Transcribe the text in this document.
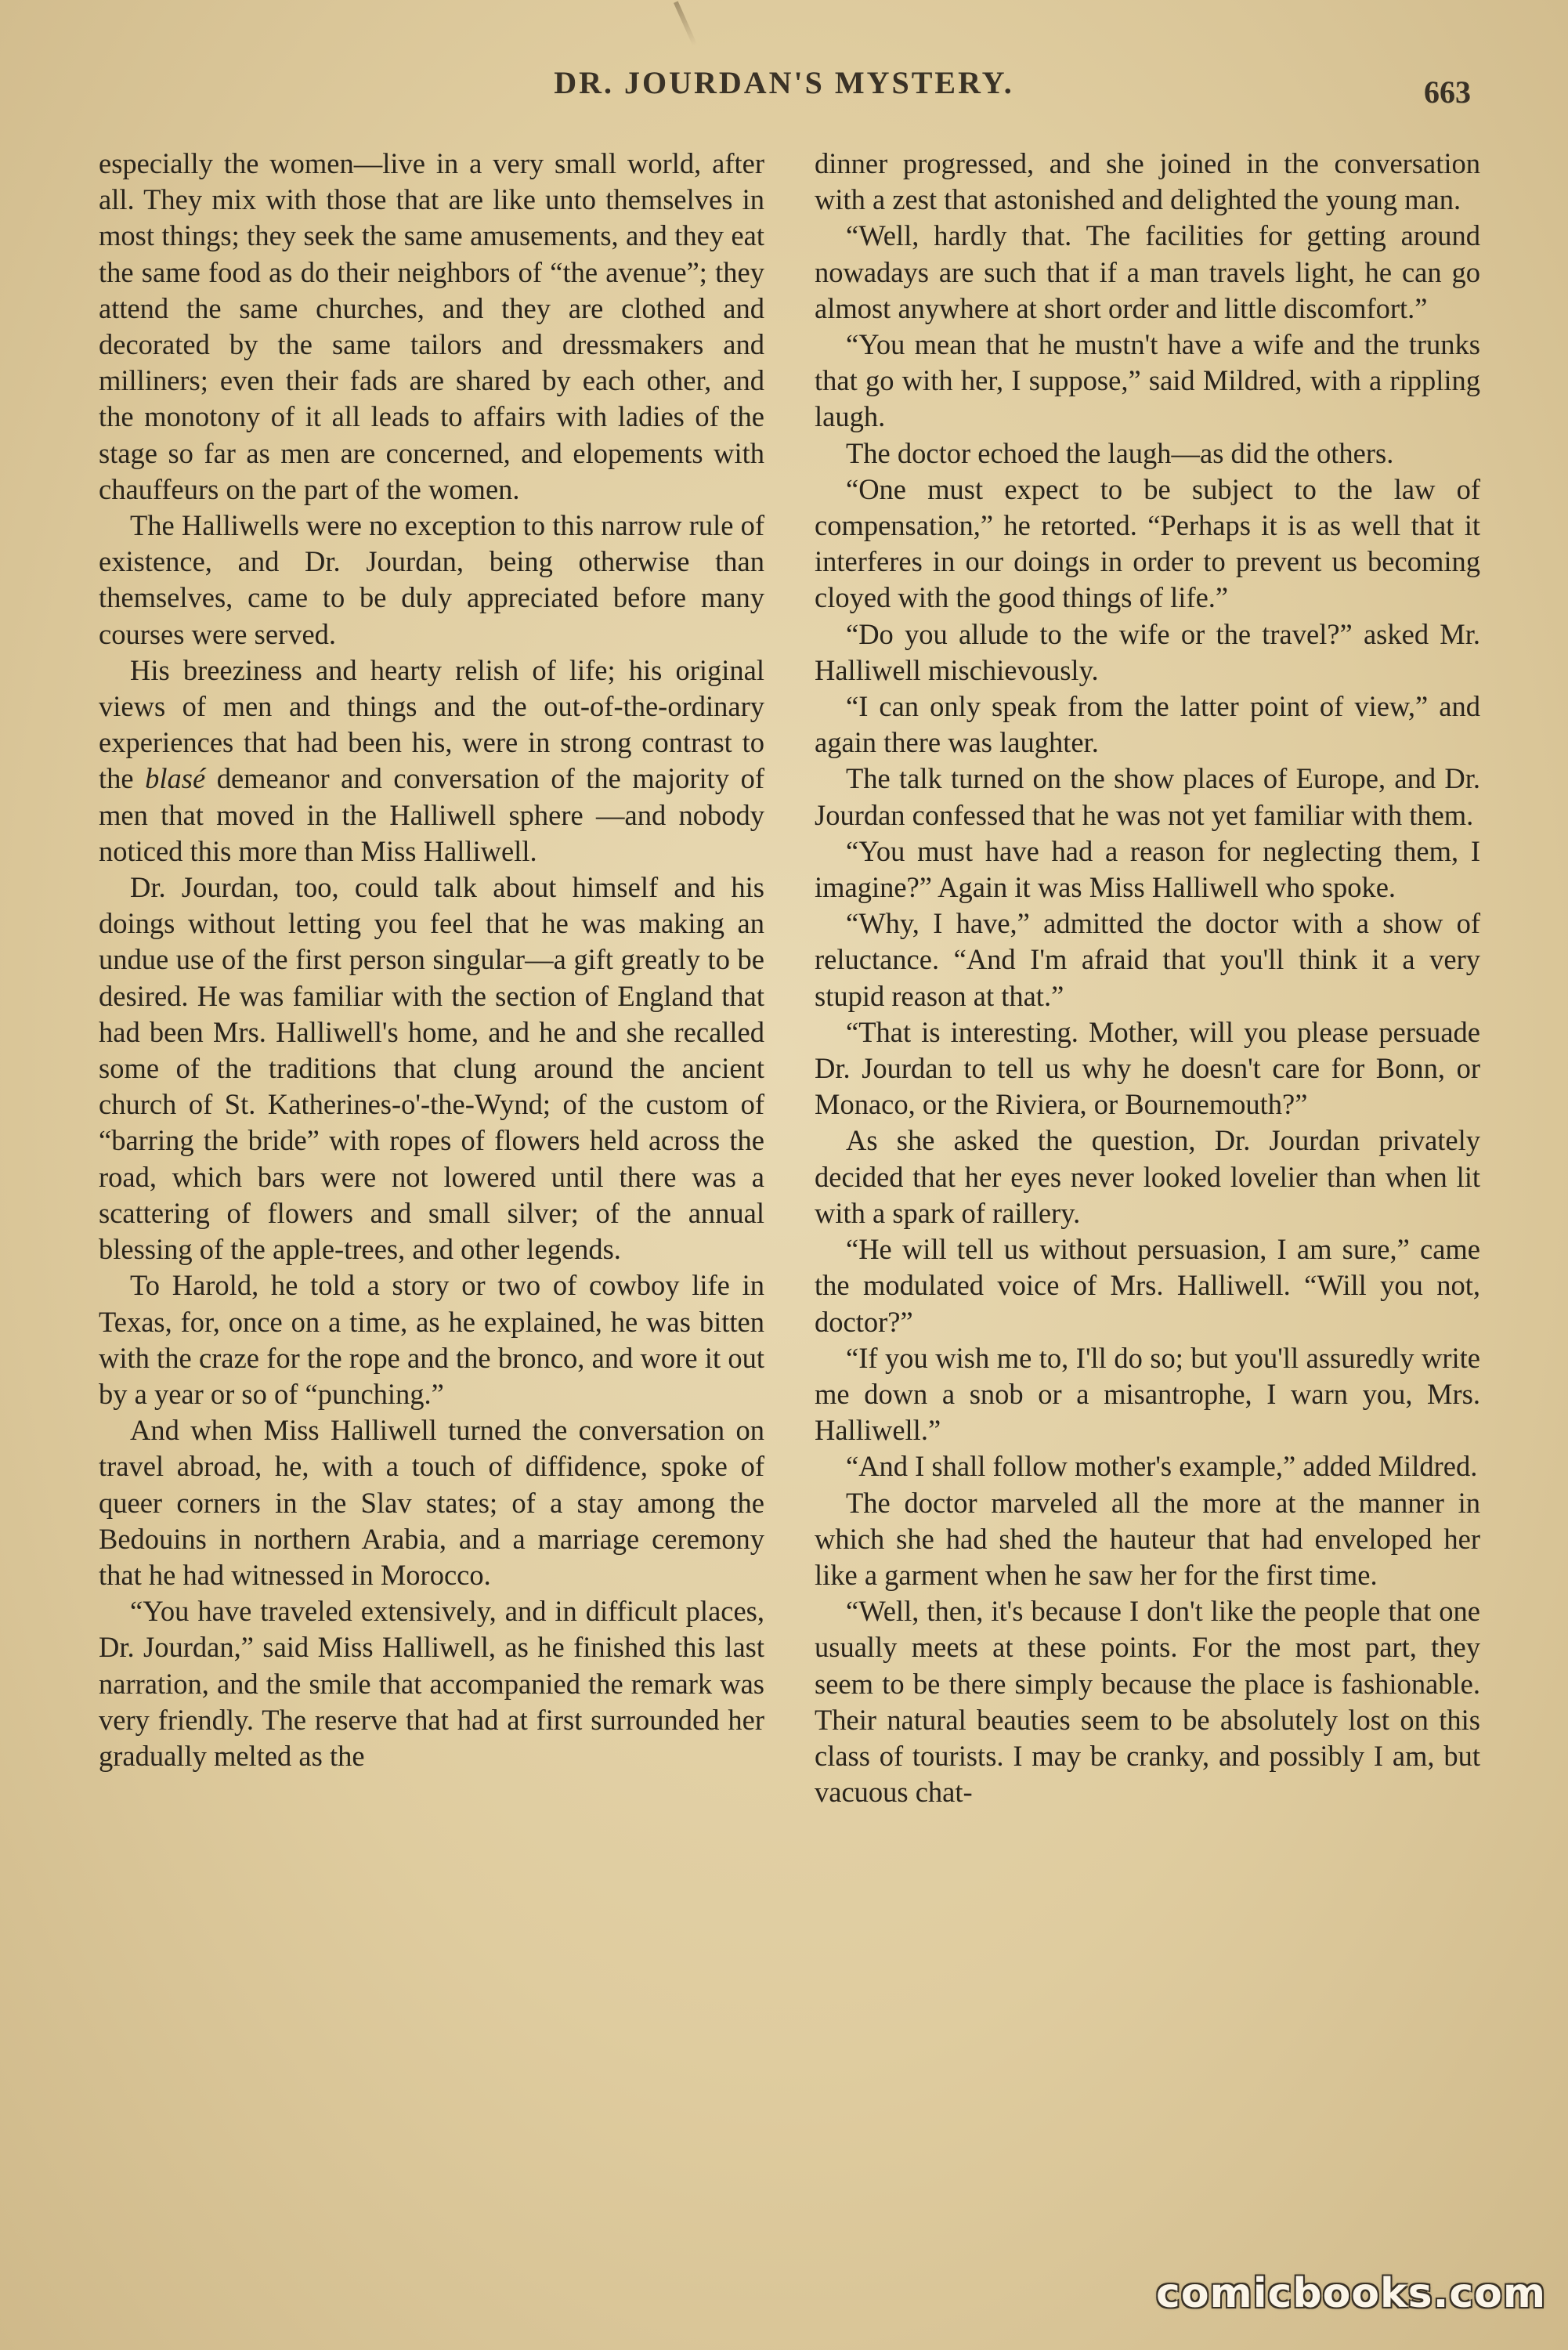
DR. JOURDAN'S MYSTERY.	663

especially the women—live in a very small world, after all. They mix with those that are like unto themselves in most things; they seek the same amusements, and they eat the same food as do their neighbors of “the avenue”; they attend the same churches, and they are clothed and decorated by the same tailors and dressmakers and milliners; even their fads are shared by each other, and the monotony of it all leads to affairs with ladies of the stage so far as men are concerned, and elopements with chauffeurs on the part of the women.

The Halliwells were no exception to this narrow rule of existence, and Dr. Jourdan, being otherwise than themselves, came to be duly appreciated before many courses were served.

His breeziness and hearty relish of life; his original views of men and things and the out-of-the-ordinary experiences that had been his, were in strong contrast to the blasé demeanor and conversation of the majority of men that moved in the Halliwell sphere —and nobody noticed this more than Miss Halliwell.

Dr. Jourdan, too, could talk about himself and his doings without letting you feel that he was making an undue use of the first person singular—a gift greatly to be desired. He was familiar with the section of England that had been Mrs. Halliwell's home, and he and she recalled some of the traditions that clung around the ancient church of St. Katherines-o'-the-Wynd; of the custom of “barring the bride” with ropes of flowers held across the road, which bars were not lowered until there was a scattering of flowers and small silver; of the annual blessing of the apple-trees, and other legends.

To Harold, he told a story or two of cowboy life in Texas, for, once on a time, as he explained, he was bitten with the craze for the rope and the bronco, and wore it out by a year or so of “punching.”

And when Miss Halliwell turned the conversation on travel abroad, he, with a touch of diffidence, spoke of queer corners in the Slav states; of a stay among the Bedouins in northern Arabia, and a marriage ceremony that he had witnessed in Morocco.

“You have traveled extensively, and in difficult places, Dr. Jourdan,” said Miss Halliwell, as he finished this last narration, and the smile that accompanied the remark was very friendly. The reserve that had at first surrounded her gradually melted as the

dinner progressed, and she joined in the conversation with a zest that astonished and delighted the young man.

“Well, hardly that. The facilities for getting around nowadays are such that if a man travels light, he can go almost anywhere at short order and little discomfort.”

“You mean that he mustn't have a wife and the trunks that go with her, I suppose,” said Mildred, with a rippling laugh.

The doctor echoed the laugh—as did the others.

“One must expect to be subject to the law of compensation,” he retorted. “Perhaps it is as well that it interferes in our doings in order to prevent us becoming cloyed with the good things of life.”

“Do you allude to the wife or the travel?” asked Mr. Halliwell mischievously.

“I can only speak from the latter point of view,” and again there was laughter.

The talk turned on the show places of Europe, and Dr. Jourdan confessed that he was not yet familiar with them.

“You must have had a reason for neglecting them, I imagine?” Again it was Miss Halliwell who spoke.

“Why, I have,” admitted the doctor with a show of reluctance. “And I'm afraid that you'll think it a very stupid reason at that.”

“That is interesting. Mother, will you please persuade Dr. Jourdan to tell us why he doesn't care for Bonn, or Monaco, or the Riviera, or Bournemouth?”

As she asked the question, Dr. Jourdan privately decided that her eyes never looked lovelier than when lit with a spark of raillery.

“He will tell us without persuasion, I am sure,” came the modulated voice of Mrs. Halliwell. “Will you not, doctor?”

“If you wish me to, I'll do so; but you'll assuredly write me down a snob or a misantrophe, I warn you, Mrs. Halliwell.”

“And I shall follow mother's example,” added Mildred.

The doctor marveled all the more at the manner in which she had shed the hauteur that had enveloped her like a garment when he saw her for the first time.

“Well, then, it's because I don't like the people that one usually meets at these points. For the most part, they seem to be there simply because the place is fashionable. Their natural beauties seem to be absolutely lost on this class of tourists. I may be cranky, and possibly I am, but vacuous chat-

comicbooks.com
